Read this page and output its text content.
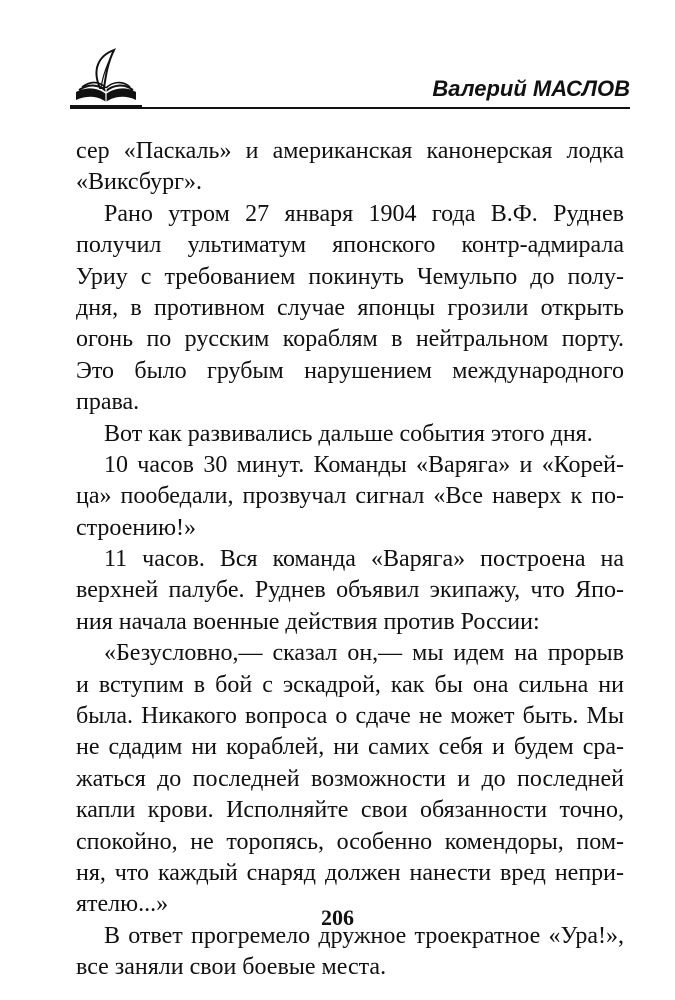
Валерий МАСЛОВ
сер «Паскаль» и американская канонерская лодка
«Виксбург».
Рано утром 27 января 1904 года В.Ф. Руднев
получил ультиматум японского контр-адмирала
Уриу с требованием покинуть Чемульпо до полу-
дня, в противном случае японцы грозили открыть
огонь по русским кораблям в нейтральном порту.
Это было грубым нарушением международного
права.
Вот как развивались дальше события этого дня.
10 часов 30 минут. Команды «Варяга» и «Корей-
ца» пообедали, прозвучал сигнал «Все наверх к по-
строению!»
11 часов. Вся команда «Варяга» построена на
верхней палубе. Руднев объявил экипажу, что Япо-
ния начала военные действия против России:
«Безусловно,— сказал он,— мы идем на прорыв
и вступим в бой с эскадрой, как бы она сильна ни
была. Никакого вопроса о сдаче не может быть. Мы
не сдадим ни кораблей, ни самих себя и будем сра-
жаться до последней возможности и до последней
капли крови. Исполняйте свои обязанности точно,
спокойно, не торопясь, особенно комендоры, пом-
ня, что каждый снаряд должен нанести вред непри-
ятелю...»
В ответ прогремело дружное троекратное «Ура!»,
все заняли свои боевые места.
206
